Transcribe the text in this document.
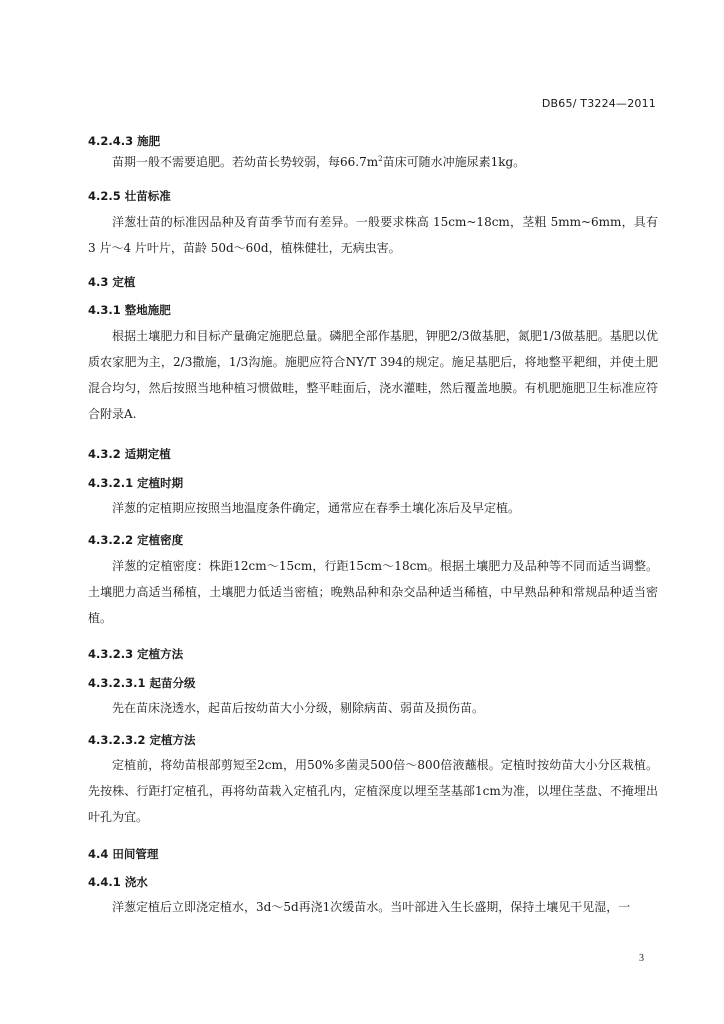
DB65/ T3224—2011
4.2.4.3 施肥
苗期一般不需要追肥。若幼苗长势较弱，每$66.7m^2$苗床可随水冲施尿素1kg。
4.2.5 壮苗标准
洋葱壮苗的标准因品种及育苗季节而有差异。一般要求株高 15cm~18cm，茎粗 5mm~6mm，具有 3 片～4 片叶片，苗龄 50d～60d，植株健壮，无病虫害。
4.3 定植
4.3.1 整地施肥
根据土壤肥力和目标产量确定施肥总量。磷肥全部作基肥，钾肥2/3做基肥，氮肥1/3做基肥。基肥以优质农家肥为主，2/3撒施，1/3沟施。施肥应符合NY/T 394的规定。施足基肥后，将地整平耙细，并使土肥混合均匀，然后按照当地种植习惯做畦，整平畦面后，浇水灌畦，然后覆盖地膜。有机肥施肥卫生标准应符合附录A.
4.3.2 适期定植
4.3.2.1 定植时期
洋葱的定植期应按照当地温度条件确定，通常应在春季土壤化冻后及早定植。
4.3.2.2 定植密度
洋葱的定植密度：株距12cm～15cm，行距15cm～18cm。根据土壤肥力及品种等不同而适当调整。土壤肥力高适当稀植，土壤肥力低适当密植；晚熟品种和杂交品种适当稀植，中早熟品种和常规品种适当密植。
4.3.2.3 定植方法
4.3.2.3.1 起苗分级
先在苗床浇透水，起苗后按幼苗大小分级，剔除病苗、弱苗及损伤苗。
4.3.2.3.2 定植方法
定植前，将幼苗根部剪短至2cm，用50%多菌灵500倍～800倍液蘸根。定植时按幼苗大小分区栽植。先按株、行距打定植孔，再将幼苗栽入定植孔内，定植深度以埋至茎基部1cm为准，以埋住茎盘、不掩埋出叶孔为宜。
4.4 田间管理
4.4.1 浇水
洋葱定植后立即浇定植水，3d～5d再浇1次缓苗水。当叶部进入生长盛期，保持土壤见干见湿，一
3
